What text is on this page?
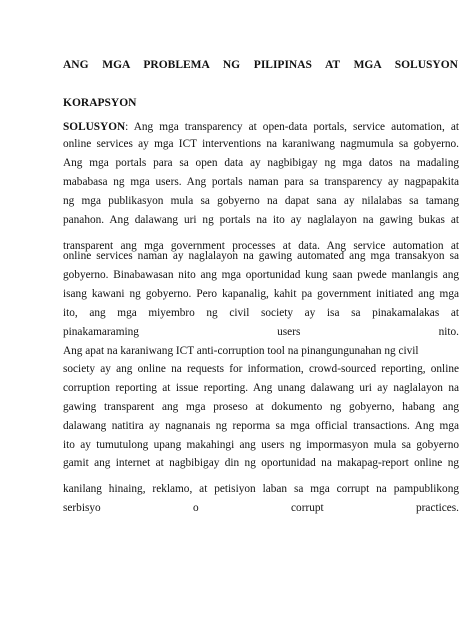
ANG MGA PROBLEMA NG PILIPINAS AT MGA SOLUSYON
KORAPSYON
SOLUSYON: Ang mga transparency at open-data portals, service automation, at
online services ay mga ICT interventions na karaniwang nagmumula sa gobyerno.
Ang mga portals para sa open data ay nagbibigay ng mga datos na madaling
mababasa ng mga users. Ang portals naman para sa transparency ay nagpapakita
ng mga publikasyon mula sa gobyerno na dapat sana ay nilalabas sa tamang
panahon. Ang dalawang uri ng portals na ito ay naglalayon na gawing bukas at
transparent ang mga government processes at data. Ang service automation at
online services naman ay naglalayon na gawing automated ang mga transakyon sa
gobyerno. Binabawasan nito ang mga oportunidad kung saan pwede manlangis ang
isang kawani ng gobyerno. Pero kapanalig, kahit pa government initiated ang mga
ito, ang mga miyembro ng civil society ay isa sa pinakamalakas at
pinakamaraming users nito.
Ang apat na karaniwang ICT anti-corruption tool na pinangungunahan ng civil
society ay ang online na requests for information, crowd-sourced reporting, online
corruption reporting at issue reporting. Ang unang dalawang uri ay naglalayon na
gawing transparent ang mga proseso at dokumento ng gobyerno, habang ang
dalawang natitira ay nagnanais ng reporma sa mga official transactions. Ang mga
ito ay tumutulong upang makahingi ang users ng impormasyon mula sa gobyerno
gamit ang internet at nagbibigay din ng oportunidad na makapag-report online ng
kanilang hinaing, reklamo, at petisiyon laban sa mga corrupt na pampublikong
serbisyo o corrupt practices.
